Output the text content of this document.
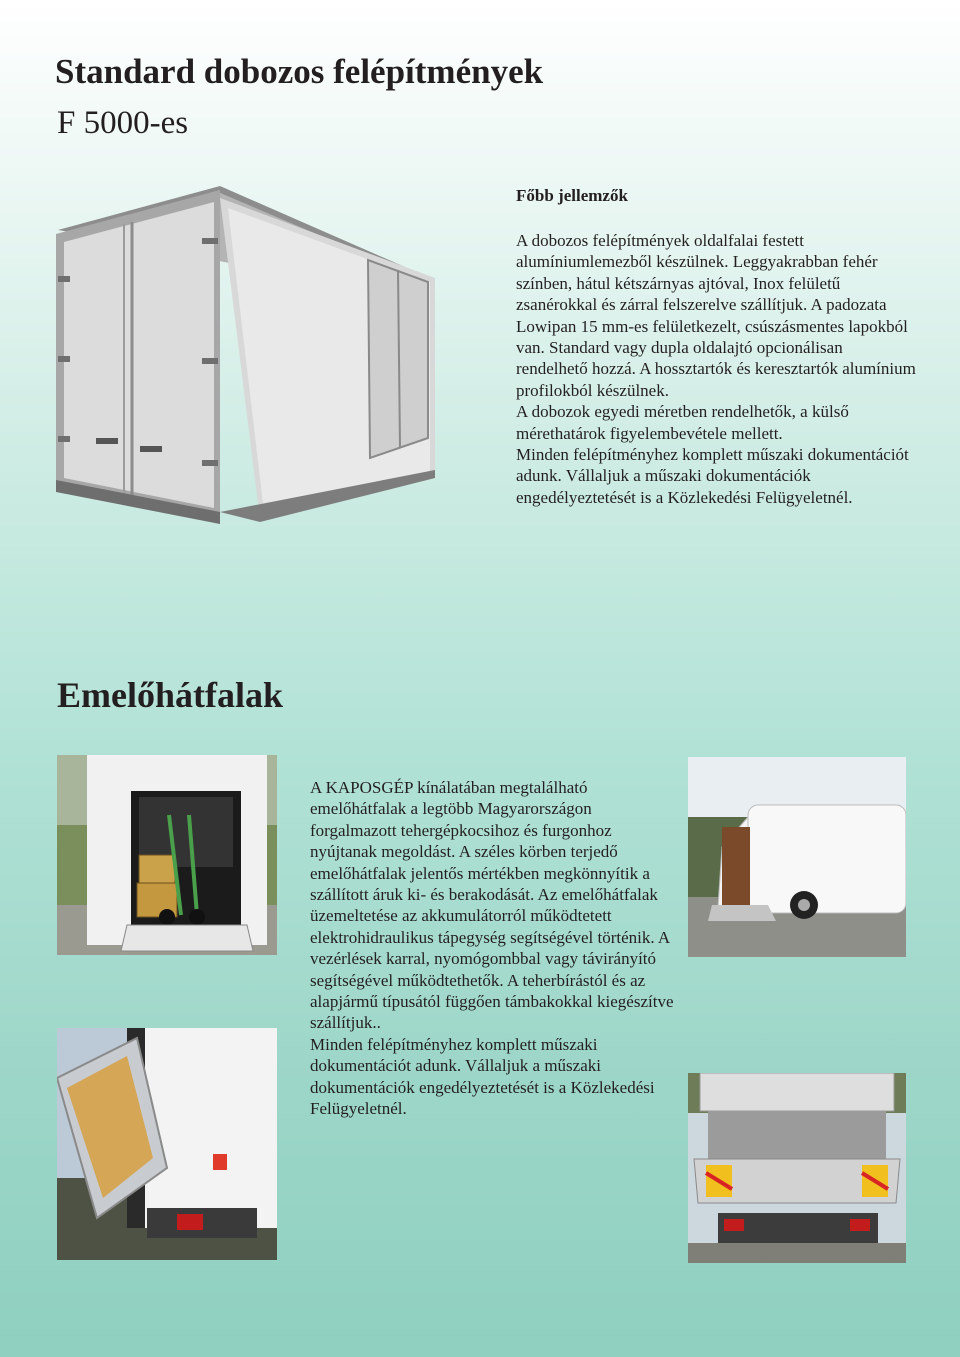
Standard dobozos felépítmények
F 5000-es
Főbb jellemzők

A dobozos felépítmények oldalfalai festett alumíniumlemezből készülnek. Leggyakrabban fehér színben, hátul kétszárnyas ajtóval, Inox felületű zsanérokkal és zárral felszerelve szállítjuk. A padozata Lowipan 15 mm-es felületkezelt, csúszásmentes lapokból van. Standard vagy dupla oldalajtó opcionálisan rendelhető hozzá. A hossztartók és keresztartók alumínium profilokból készülnek.

A dobozok egyedi méretben rendelhetők, a külső mérethatárok figyelembevétele mellett.

Minden felépítményhez komplett műszaki dokumentációt adunk. Vállaljuk a műszaki dokumentációk engedélyeztetését is a Közlekedési Felügyeletnél.

Emelőhátfalak

A KAPOSGÉP kínálatában megtalálható emelőhátfalak a legtöbb Magyarországon forgalmazott tehergépkocsihoz és furgonhoz nyújtanak megoldást. A széles körben terjedő emelőhátfalak jelentős mértékben megkönnyítik a szállított áruk ki- és berakodását. Az emelőhátfalak üzemeltetése az akkumulátorról működtetett elektrohidraulikus tápegység segítségével történik. A vezérlések karral, nyomógombbal vagy távirányító segítségével működtethetők. A teherbírástól és az alapjármű típusától függően támbakokkal kiegészítve szállítjuk..

Minden felépítményhez komplett műszaki dokumentációt adunk. Vállaljuk a műszaki dokumentációk engedélyeztetését is a Közlekedési Felügyeletnél.
